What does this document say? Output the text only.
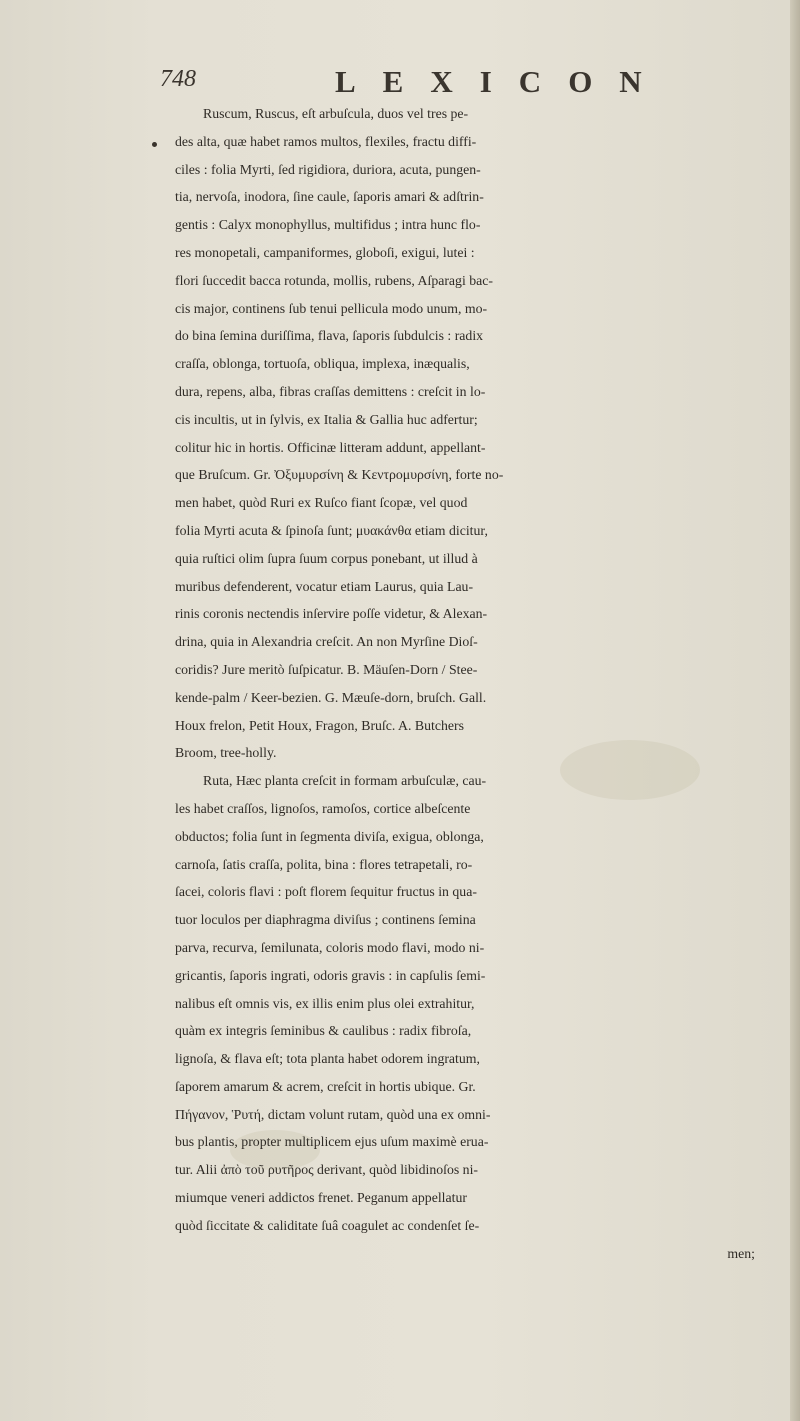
748	LEXICON
Ruscum, Ruscus, eſt arbuſcula, duos vel tres pe-
des alta, quæ habet ramos multos, flexiles, fractu diffi-
ciles : folia Myrti, ſed rigidiora, duriora, acuta, pungen-
tia, nervoſa, inodora, ſine caule, ſaporis amari & adſtrin-
gentis : Calyx monophyllus, multifidus ; intra hunc flo-
res monopetali, campaniformes, globoſi, exigui, lutei :
flori ſuccedit bacca rotunda, mollis, rubens, Aſparagi bac-
cis major, continens ſub tenui pellicula modo unum, mo-
do bina ſemina duriſſima, flava, ſaporis ſubdulcis : radix
craſſa, oblonga, tortuoſa, obliqua, implexa, inæqualis,
dura, repens, alba, fibras craſſas demittens : creſcit in lo-
cis incultis, ut in ſylvis, ex Italia & Gallia huc adfertur;
colitur hic in hortis. Officinæ litteram addunt, appellant-
que Bruſcum. Gr. Ὀξυμυρσίνη & Κεντρομυρσίνη, forte no-
men habet, quòd Ruri ex Ruſco fiant ſcopæ, vel quod
folia Myrti acuta & ſpinoſa ſunt; μυακάνθα etiam dicitur,
quia ruſtici olim ſupra ſuum corpus ponebant, ut illud à
muribus defenderent, vocatur etiam Laurus, quia Lau-
rinis coronis nectendis inſervire poſſe videtur, & Alexan-
drina, quia in Alexandria creſcit. An non Myrſine Dioſ-
coridis? Jure meritò ſuſpicatur. B. Mäuſen-Dorn / Stee-
kende-palm / Keer-bezien. G. Mæuſe-dorn, bruſch. Gall.
Houx frelon, Petit Houx, Fragon, Bruſc. A. Butchers
Broom, tree-holly.
Ruta, Hæc planta creſcit in formam arbuſculæ, cau-
les habet craſſos, lignoſos, ramoſos, cortice albeſcente
obductos; folia ſunt in ſegmenta diviſa, exigua, oblonga,
carnoſa, ſatis craſſa, polita, bina : flores tetrapetali, ro-
ſacei, coloris flavi : poſt florem ſequitur fructus in qua-
tuor loculos per diaphragma diviſus ; continens ſemina
parva, recurva, ſemilunata, coloris modo flavi, modo ni-
gricantis, ſaporis ingrati, odoris gravis : in capſulis ſemi-
nalibus eſt omnis vis, ex illis enim plus olei extrahitur,
quàm ex integris ſeminibus & caulibus : radix fibroſa,
lignoſa, & flava eſt; tota planta habet odorem ingratum,
ſaporem amarum & acrem, creſcit in hortis ubique. Gr.
Πήγανον, Ῥυτή, dictam volunt rutam, quòd una ex omni-
bus plantis, propter multiplicem ejus uſum maximè erua-
tur. Alii ἀπὸ τοῦ ρυτῆρος derivant, quòd libidinoſos ni-
miumque veneri addictos frenet. Peganum appellatur
quòd ſiccitate & caliditate ſuâ coagulet ac condenſet ſe-
men;
